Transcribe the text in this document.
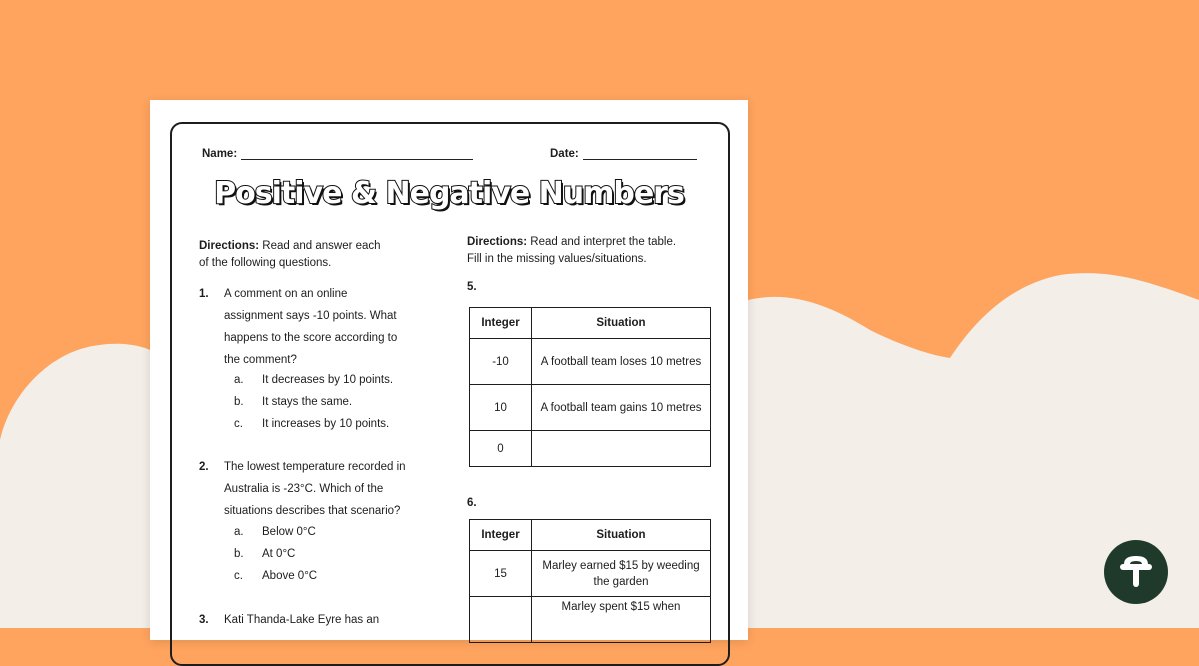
Name:	Date:
Positive & Negative Numbers
Directions: Read and answer each
of the following questions.
1. A comment on an online
assignment says -10 points. What
happens to the score according to
the comment?
a. It decreases by 10 points.
b. It stays the same.
c. It increases by 10 points.
2. The lowest temperature recorded in
Australia is -23°C. Which of the
situations describes that scenario?
a. Below 0°C
b. At 0°C
c. Above 0°C
3. Kati Thanda-Lake Eyre has an
Directions: Read and interpret the table.
Fill in the missing values/situations.
5.
Integer	Situation
-10	A football team loses 10 metres
10	A football team gains 10 metres
0	
6.
Integer	Situation
15	Marley earned $15 by weeding the garden
	Marley spent $15 when
